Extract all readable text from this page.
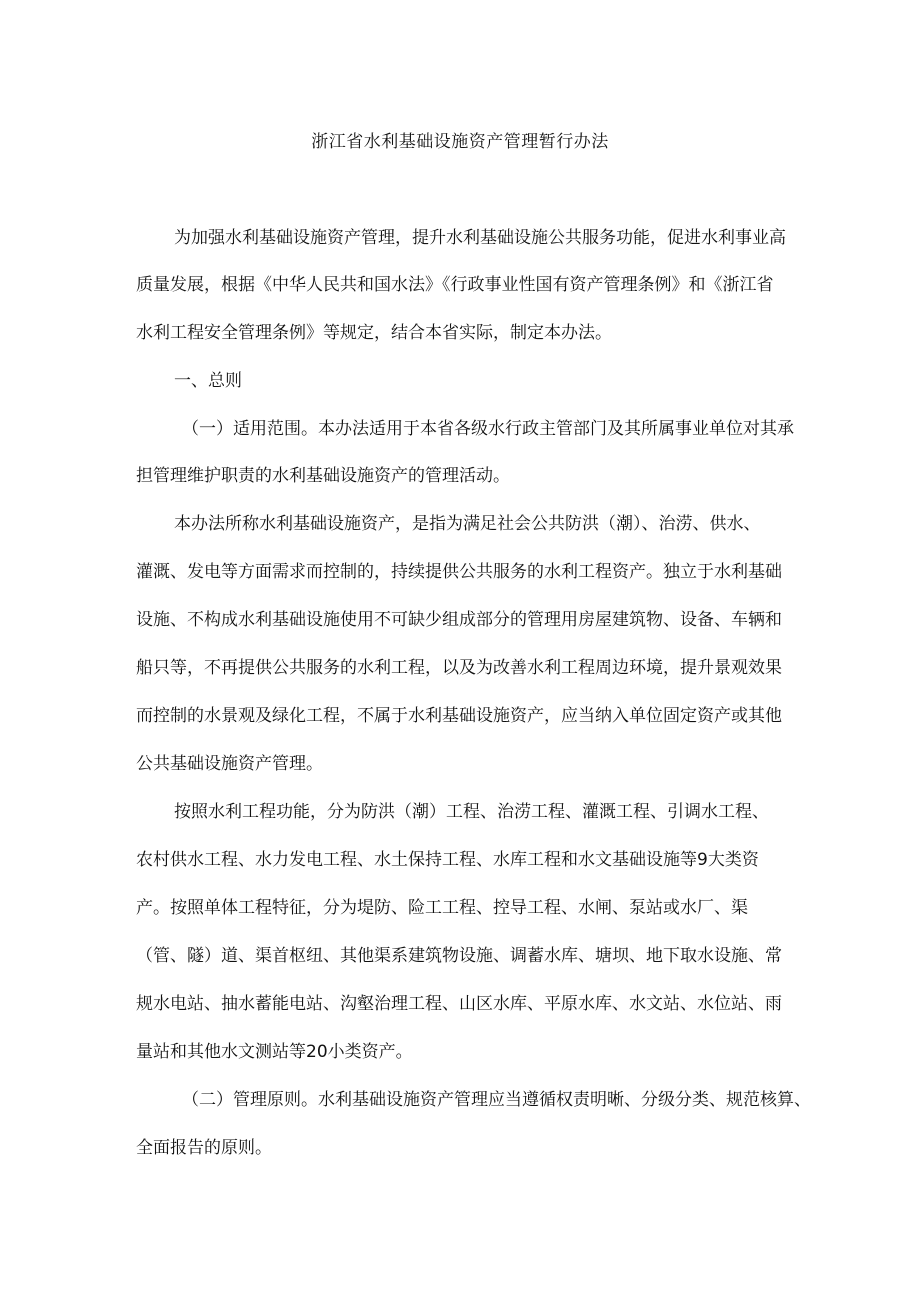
浙江省水利基础设施资产管理暂行办法
为加强水利基础设施资产管理，提升水利基础设施公共服务功能，促进水利事业高
质量发展，根据《中华人民共和国水法》《行政事业性国有资产管理条例》和《浙江省
水利工程安全管理条例》等规定，结合本省实际，制定本办法。
一、总则
（一）适用范围。本办法适用于本省各级水行政主管部门及其所属事业单位对其承
担管理维护职责的水利基础设施资产的管理活动。
本办法所称水利基础设施资产，是指为满足社会公共防洪（潮）、治涝、供水、
灌溉、发电等方面需求而控制的，持续提供公共服务的水利工程资产。独立于水利基础
设施、不构成水利基础设施使用不可缺少组成部分的管理用房屋建筑物、设备、车辆和
船只等，不再提供公共服务的水利工程，以及为改善水利工程周边环境，提升景观效果
而控制的水景观及绿化工程，不属于水利基础设施资产，应当纳入单位固定资产或其他
公共基础设施资产管理。
按照水利工程功能，分为防洪（潮）工程、治涝工程、灌溉工程、引调水工程、
农村供水工程、水力发电工程、水土保持工程、水库工程和水文基础设施等9大类资
产。按照单体工程特征，分为堤防、险工工程、控导工程、水闸、泵站或水厂、渠
（管、隧）道、渠首枢纽、其他渠系建筑物设施、调蓄水库、塘坝、地下取水设施、常
规水电站、抽水蓄能电站、沟壑治理工程、山区水库、平原水库、水文站、水位站、雨
量站和其他水文测站等20小类资产。
（二）管理原则。水利基础设施资产管理应当遵循权责明晰、分级分类、规范核算、
全面报告的原则。
